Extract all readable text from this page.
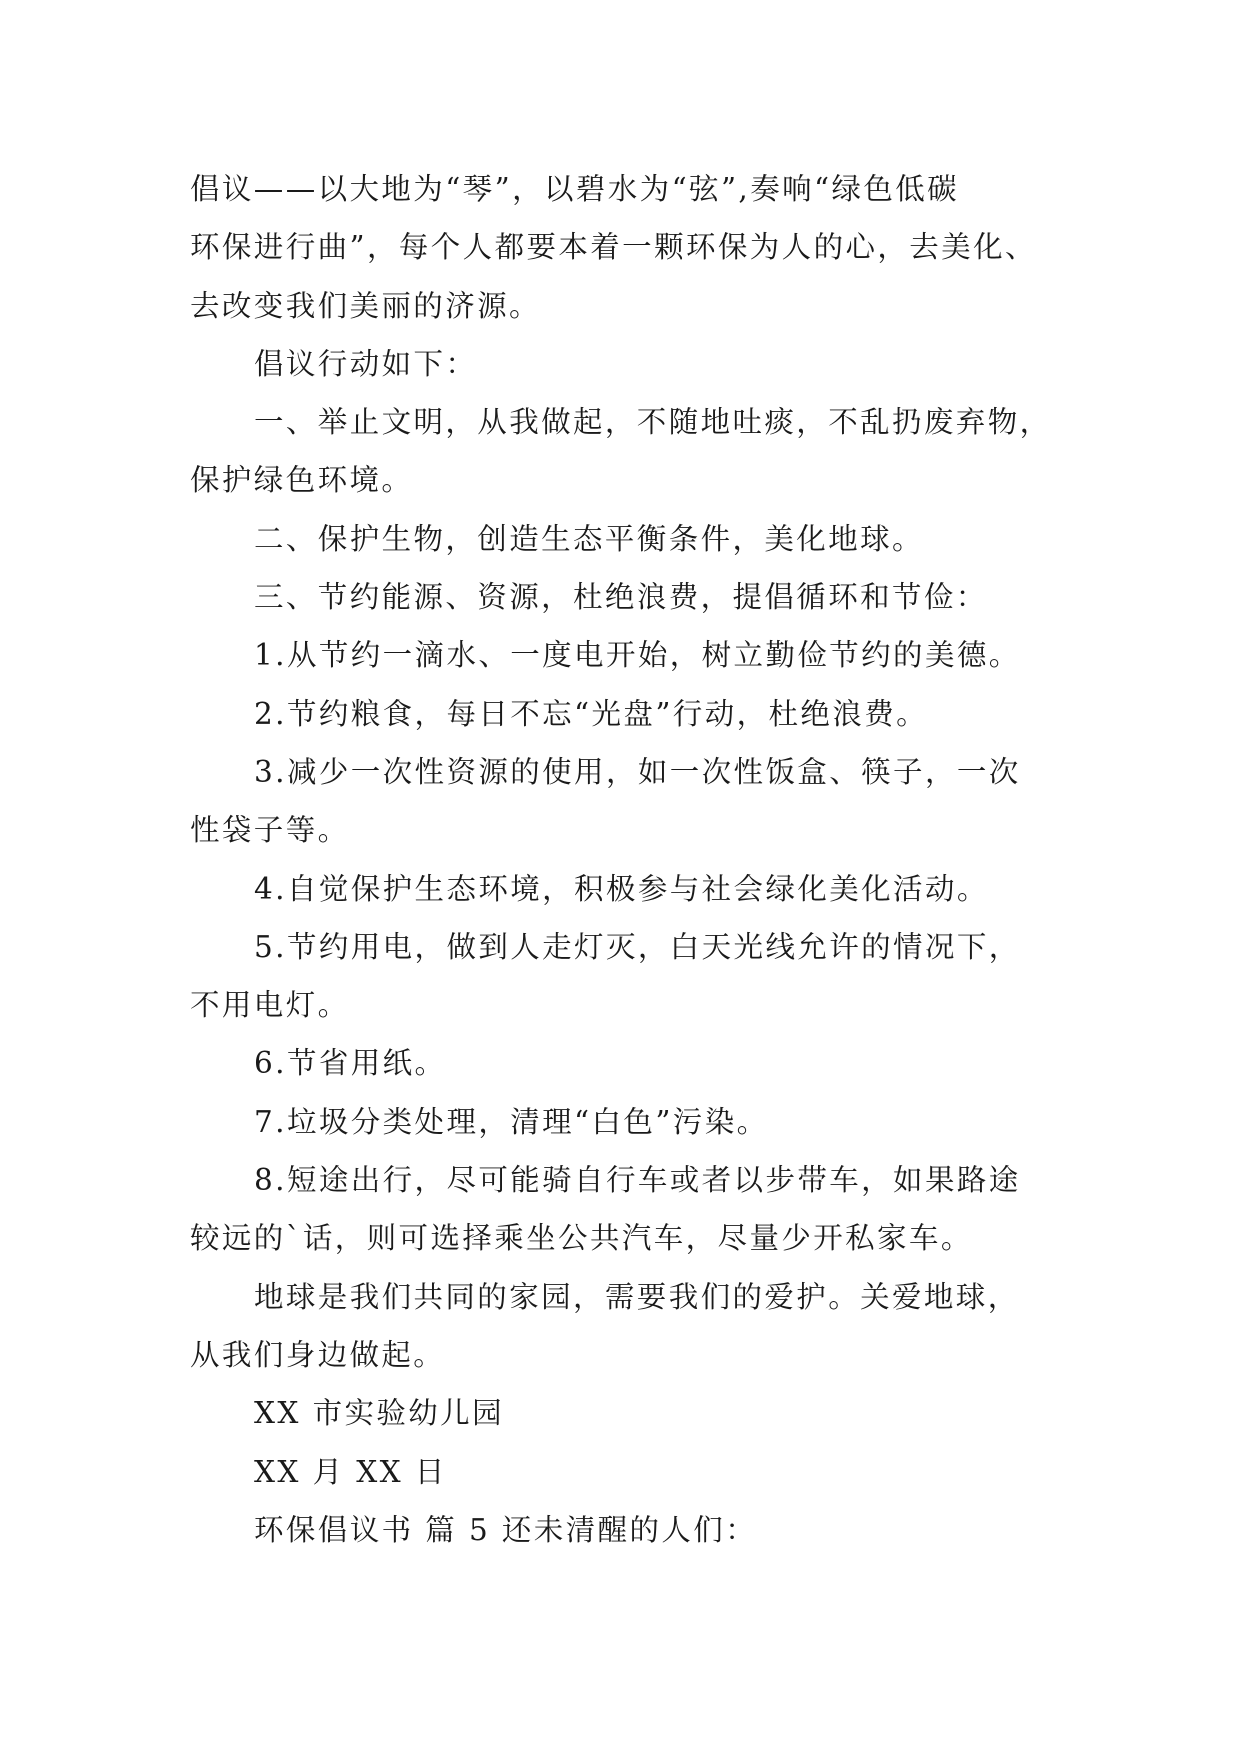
倡议——以大地为“琴”，以碧水为“弦”,奏响“绿色低碳
环保进行曲”，每个人都要本着一颗环保为人的心，去美化、
去改变我们美丽的济源。
倡议行动如下：
一、举止文明，从我做起，不随地吐痰，不乱扔废弃物，
保护绿色环境。
二、保护生物，创造生态平衡条件，美化地球。
三、节约能源、资源，杜绝浪费，提倡循环和节俭：
1.从节约一滴水、一度电开始，树立勤俭节约的美德。
2.节约粮食，每日不忘“光盘”行动，杜绝浪费。
3.减少一次性资源的使用，如一次性饭盒、筷子，一次
性袋子等。
4.自觉保护生态环境，积极参与社会绿化美化活动。
5.节约用电，做到人走灯灭，白天光线允许的情况下，
不用电灯。
6.节省用纸。
7.垃圾分类处理，清理“白色”污染。
8.短途出行，尽可能骑自行车或者以步带车，如果路途
较远的`话，则可选择乘坐公共汽车，尽量少开私家车。
地球是我们共同的家园，需要我们的爱护。关爱地球，
从我们身边做起。
XX 市实验幼儿园
XX 月 XX 日
环保倡议书 篇 5 还未清醒的人们：
